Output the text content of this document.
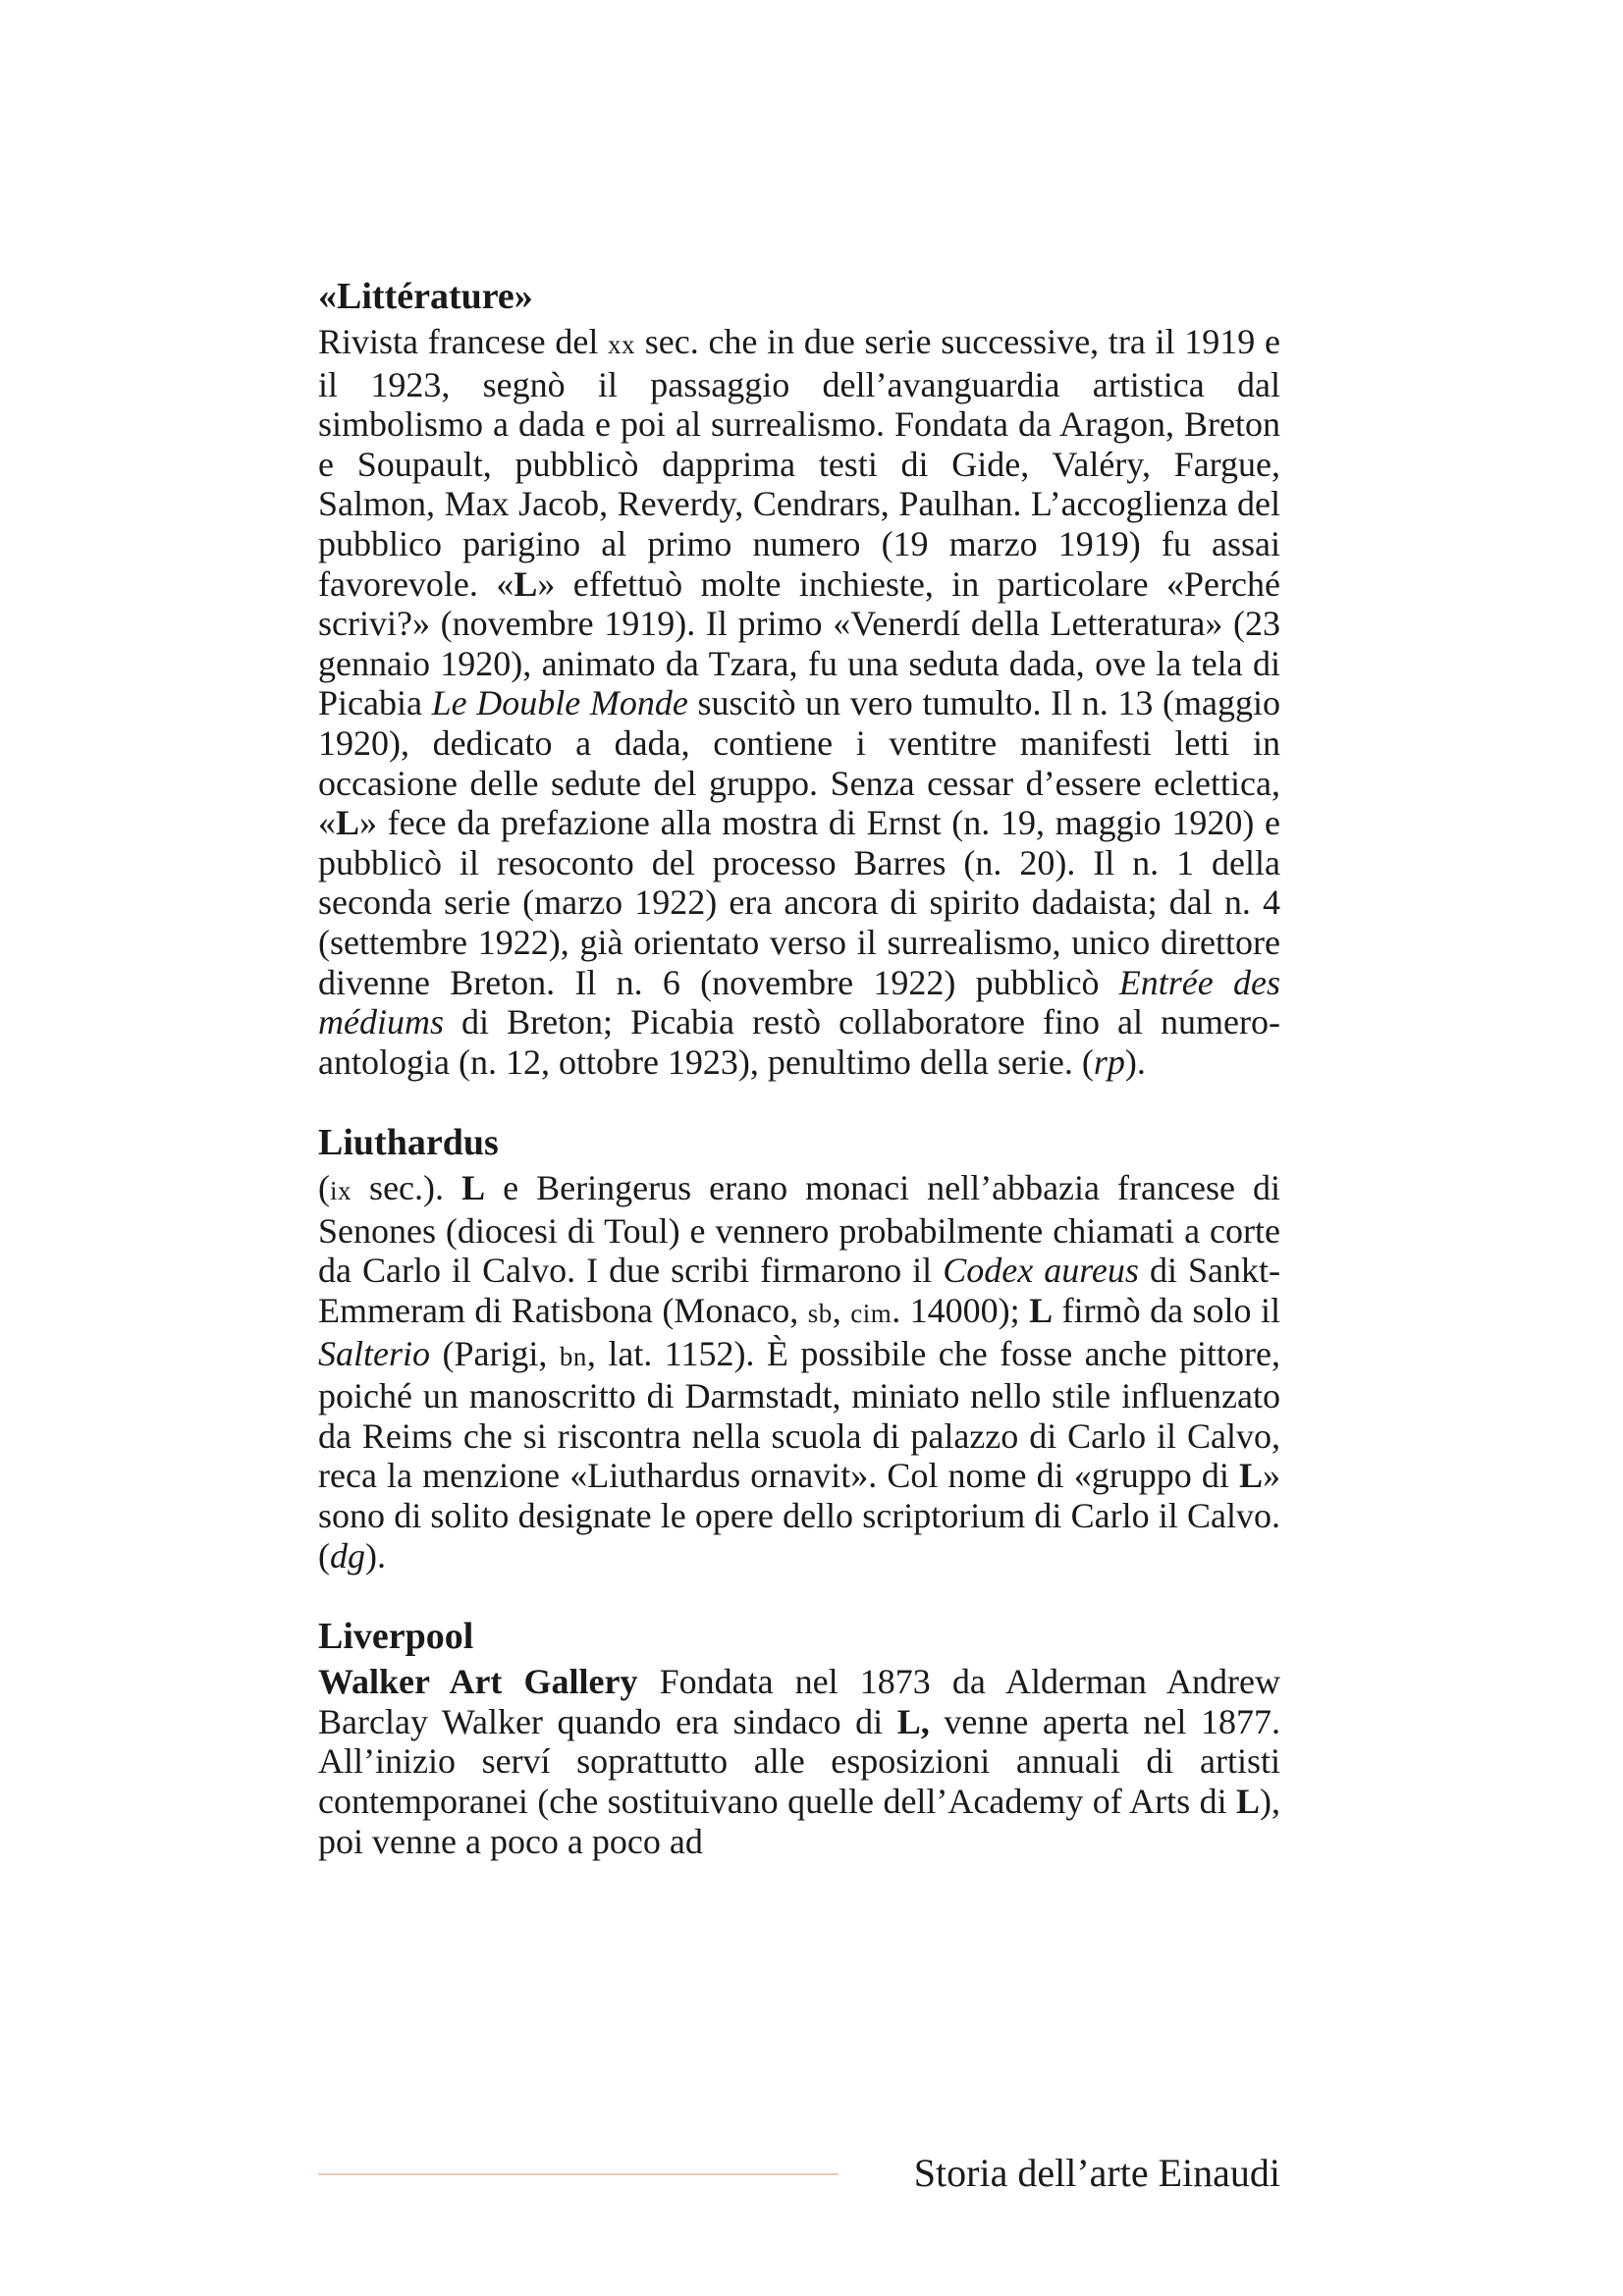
«Littérature»

Rivista francese del xx sec. che in due serie successive, tra il 1919 e il 1923, segnò il passaggio dell’avanguardia artistica dal simbolismo a dada e poi al surrealismo. Fondata da Aragon, Breton e Soupault, pubblicò dapprima testi di Gide, Valéry, Fargue, Salmon, Max Jacob, Reverdy, Cendrars, Paulhan. L’accoglienza del pubblico parigino al primo numero (19 marzo 1919) fu assai favorevole. «L» effettuò molte inchieste, in particolare «Perché scrivi?» (novembre 1919). Il primo «Venerdí della Letteratura» (23 gennaio 1920), animato da Tzara, fu una seduta dada, ove la tela di Picabia Le Double Monde suscitò un vero tumulto. Il n. 13 (maggio 1920), dedicato a dada, contiene i ventitre manifesti letti in occasione delle sedute del gruppo. Senza cessar d’essere eclettica, «L» fece da prefazione alla mostra di Ernst (n. 19, maggio 1920) e pubblicò il resoconto del processo Barres (n. 20). Il n. 1 della seconda serie (marzo 1922) era ancora di spirito dadaista; dal n. 4 (settembre 1922), già orientato verso il surrealismo, unico direttore divenne Breton. Il n. 6 (novembre 1922) pubblicò Entrée des médiums di Breton; Picabia restò collaboratore fino al numero-antologia (n. 12, ottobre 1923), penultimo della serie. (rp).

Liuthardus

(ix sec.). L e Beringerus erano monaci nell’abbazia francese di Senones (diocesi di Toul) e vennero probabilmente chiamati a corte da Carlo il Calvo. I due scribi firmarono il Codex aureus di Sankt-Emmeram di Ratisbona (Monaco, sb, cim. 14000); L firmò da solo il Salterio (Parigi, bn, lat. 1152). È possibile che fosse anche pittore, poiché un manoscritto di Darmstadt, miniato nello stile influenzato da Reims che si riscontra nella scuola di palazzo di Carlo il Calvo, reca la menzione «Liuthardus ornavit». Col nome di «gruppo di L» sono di solito designate le opere dello scriptorium di Carlo il Calvo. (dg).

Liverpool

Walker Art Gallery Fondata nel 1873 da Alderman Andrew Barclay Walker quando era sindaco di L, venne aperta nel 1877. All’inizio serví soprattutto alle esposizioni annuali di artisti contemporanei (che sostituivano quelle dell’Academy of Arts di L), poi venne a poco a poco ad

Storia dell’arte Einaudi
